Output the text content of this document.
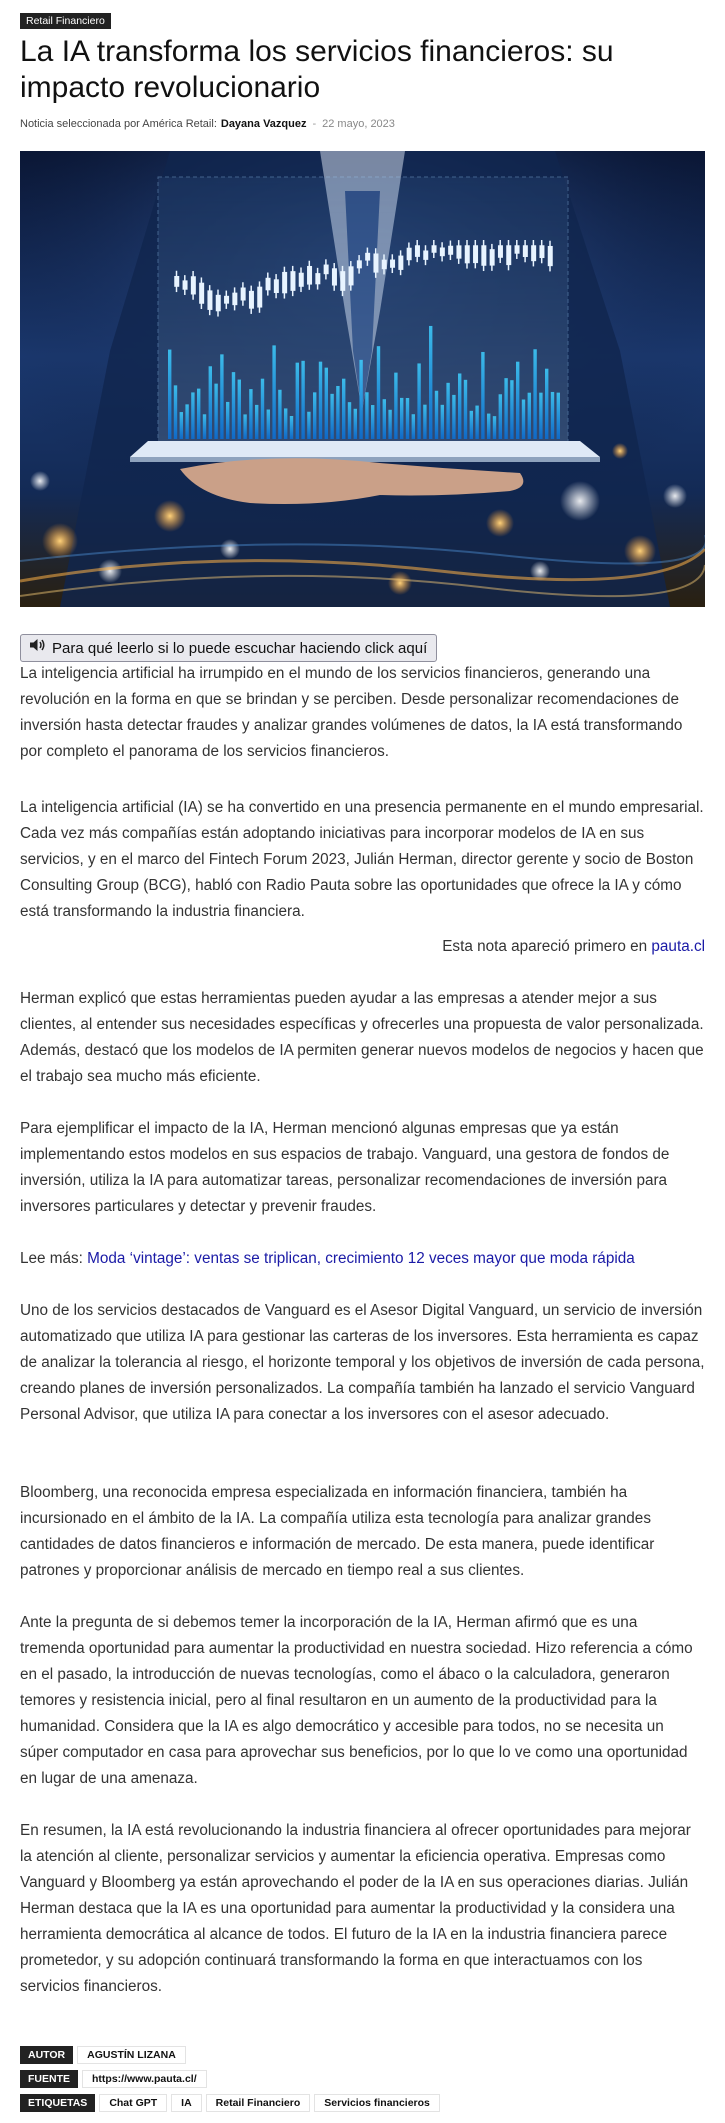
Retail Financiero
La IA transforma los servicios financieros: su impacto revolucionario
Noticia seleccionada por América Retail: Dayana Vazquez - 22 mayo, 2023
Para qué leerlo si lo puede escuchar haciendo click aquí

La inteligencia artificial ha irrumpido en el mundo de los servicios financieros, generando una revolución en la forma en que se brindan y se perciben. Desde personalizar recomendaciones de inversión hasta detectar fraudes y analizar grandes volúmenes de datos, la IA está transformando por completo el panorama de los servicios financieros.

La inteligencia artificial (IA) se ha convertido en una presencia permanente en el mundo empresarial. Cada vez más compañías están adoptando iniciativas para incorporar modelos de IA en sus servicios, y en el marco del Fintech Forum 2023, Julián Herman, director gerente y socio de Boston Consulting Group (BCG), habló con Radio Pauta sobre las oportunidades que ofrece la IA y cómo está transformando la industria financiera.

Esta nota apareció primero en pauta.cl

Herman explicó que estas herramientas pueden ayudar a las empresas a atender mejor a sus clientes, al entender sus necesidades específicas y ofrecerles una propuesta de valor personalizada. Además, destacó que los modelos de IA permiten generar nuevos modelos de negocios y hacen que el trabajo sea mucho más eficiente.

Para ejemplificar el impacto de la IA, Herman mencionó algunas empresas que ya están implementando estos modelos en sus espacios de trabajo. Vanguard, una gestora de fondos de inversión, utiliza la IA para automatizar tareas, personalizar recomendaciones de inversión para inversores particulares y detectar y prevenir fraudes.

Lee más: Moda ‘vintage’: ventas se triplican, crecimiento 12 veces mayor que moda rápida

Uno de los servicios destacados de Vanguard es el Asesor Digital Vanguard, un servicio de inversión automatizado que utiliza IA para gestionar las carteras de los inversores. Esta herramienta es capaz de analizar la tolerancia al riesgo, el horizonte temporal y los objetivos de inversión de cada persona, creando planes de inversión personalizados. La compañía también ha lanzado el servicio Vanguard Personal Advisor, que utiliza IA para conectar a los inversores con el asesor adecuado.

Bloomberg, una reconocida empresa especializada en información financiera, también ha incursionado en el ámbito de la IA. La compañía utiliza esta tecnología para analizar grandes cantidades de datos financieros e información de mercado. De esta manera, puede identificar patrones y proporcionar análisis de mercado en tiempo real a sus clientes.

Ante la pregunta de si debemos temer la incorporación de la IA, Herman afirmó que es una tremenda oportunidad para aumentar la productividad en nuestra sociedad. Hizo referencia a cómo en el pasado, la introducción de nuevas tecnologías, como el ábaco o la calculadora, generaron temores y resistencia inicial, pero al final resultaron en un aumento de la productividad para la humanidad. Considera que la IA es algo democrático y accesible para todos, no se necesita un súper computador en casa para aprovechar sus beneficios, por lo que lo ve como una oportunidad en lugar de una amenaza.

En resumen, la IA está revolucionando la industria financiera al ofrecer oportunidades para mejorar la atención al cliente, personalizar servicios y aumentar la eficiencia operativa. Empresas como Vanguard y Bloomberg ya están aprovechando el poder de la IA en sus operaciones diarias. Julián Herman destaca que la IA es una oportunidad para aumentar la productividad y la considera una herramienta democrática al alcance de todos. El futuro de la IA en la industria financiera parece prometedor, y su adopción continuará transformando la forma en que interactuamos con los servicios financieros.

AUTOR	AGUSTÍN LIZANA
FUENTE	https://www.pauta.cl/
ETIQUETAS	Chat GPT	IA	Retail Financiero	Servicios financieros
